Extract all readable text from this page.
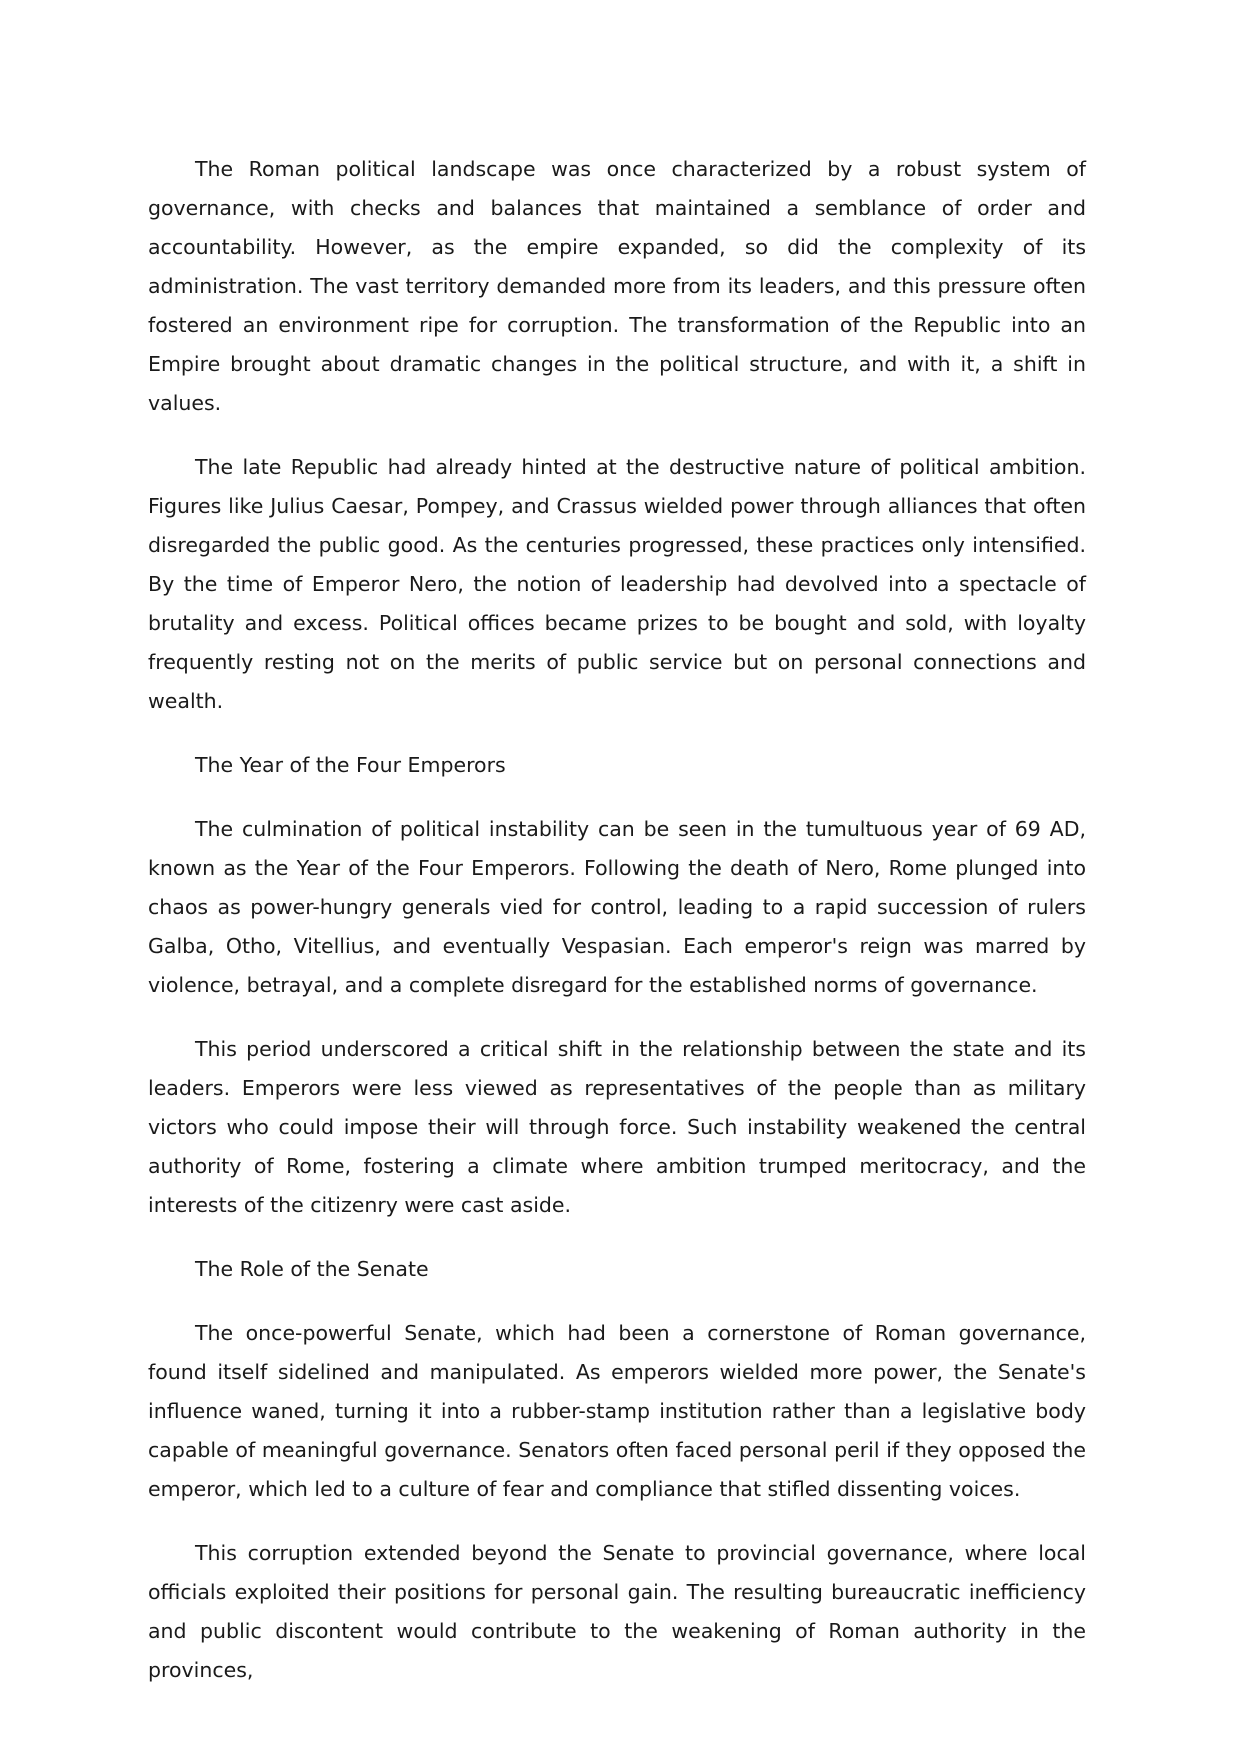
The Roman political landscape was once characterized by a robust system of governance, with checks and balances that maintained a semblance of order and accountability. However, as the empire expanded, so did the complexity of its administration. The vast territory demanded more from its leaders, and this pressure often fostered an environment ripe for corruption. The transformation of the Republic into an Empire brought about dramatic changes in the political structure, and with it, a shift in values.

The late Republic had already hinted at the destructive nature of political ambition. Figures like Julius Caesar, Pompey, and Crassus wielded power through alliances that often disregarded the public good. As the centuries progressed, these practices only intensified. By the time of Emperor Nero, the notion of leadership had devolved into a spectacle of brutality and excess. Political offices became prizes to be bought and sold, with loyalty frequently resting not on the merits of public service but on personal connections and wealth.

The Year of the Four Emperors

The culmination of political instability can be seen in the tumultuous year of 69 AD, known as the Year of the Four Emperors. Following the death of Nero, Rome plunged into chaos as power-hungry generals vied for control, leading to a rapid succession of rulers Galba, Otho, Vitellius, and eventually Vespasian. Each emperor's reign was marred by violence, betrayal, and a complete disregard for the established norms of governance.

This period underscored a critical shift in the relationship between the state and its leaders. Emperors were less viewed as representatives of the people than as military victors who could impose their will through force. Such instability weakened the central authority of Rome, fostering a climate where ambition trumped meritocracy, and the interests of the citizenry were cast aside.

The Role of the Senate

The once-powerful Senate, which had been a cornerstone of Roman governance, found itself sidelined and manipulated. As emperors wielded more power, the Senate's influence waned, turning it into a rubber-stamp institution rather than a legislative body capable of meaningful governance. Senators often faced personal peril if they opposed the emperor, which led to a culture of fear and compliance that stifled dissenting voices.

This corruption extended beyond the Senate to provincial governance, where local officials exploited their positions for personal gain. The resulting bureaucratic inefficiency and public discontent would contribute to the weakening of Roman authority in the provinces,
